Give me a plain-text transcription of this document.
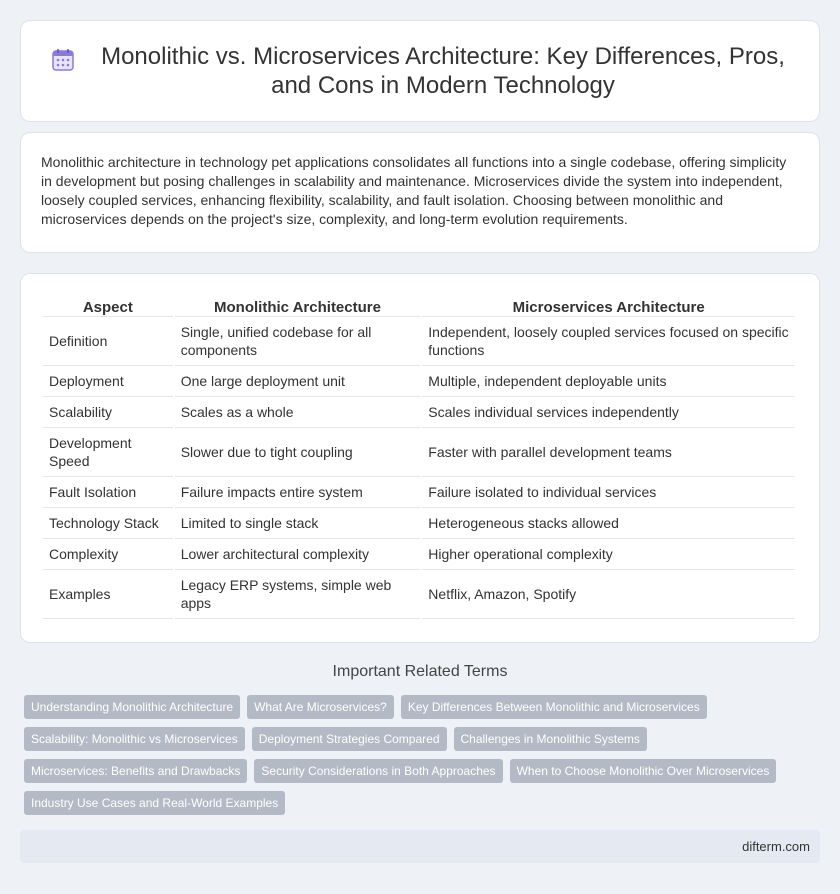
Monolithic vs. Microservices Architecture: Key Differences, Pros, and Cons in Modern Technology

Monolithic architecture in technology pet applications consolidates all functions into a single codebase, offering simplicity in development but posing challenges in scalability and maintenance. Microservices divide the system into independent, loosely coupled services, enhancing flexibility, scalability, and fault isolation. Choosing between monolithic and microservices depends on the project's size, complexity, and long-term evolution requirements.

Aspect	Monolithic Architecture	Microservices Architecture
Definition	Single, unified codebase for all components	Independent, loosely coupled services focused on specific functions
Deployment	One large deployment unit	Multiple, independent deployable units
Scalability	Scales as a whole	Scales individual services independently
Development Speed	Slower due to tight coupling	Faster with parallel development teams
Fault Isolation	Failure impacts entire system	Failure isolated to individual services
Technology Stack	Limited to single stack	Heterogeneous stacks allowed
Complexity	Lower architectural complexity	Higher operational complexity
Examples	Legacy ERP systems, simple web apps	Netflix, Amazon, Spotify
Important Related Terms
Understanding Monolithic Architecture	What Are Microservices?	Key Differences Between Monolithic and Microservices
Scalability: Monolithic vs Microservices	Deployment Strategies Compared	Challenges in Monolithic Systems
Microservices: Benefits and Drawbacks	Security Considerations in Both Approaches	When to Choose Monolithic Over Microservices
Industry Use Cases and Real-World Examples
difterm.com
